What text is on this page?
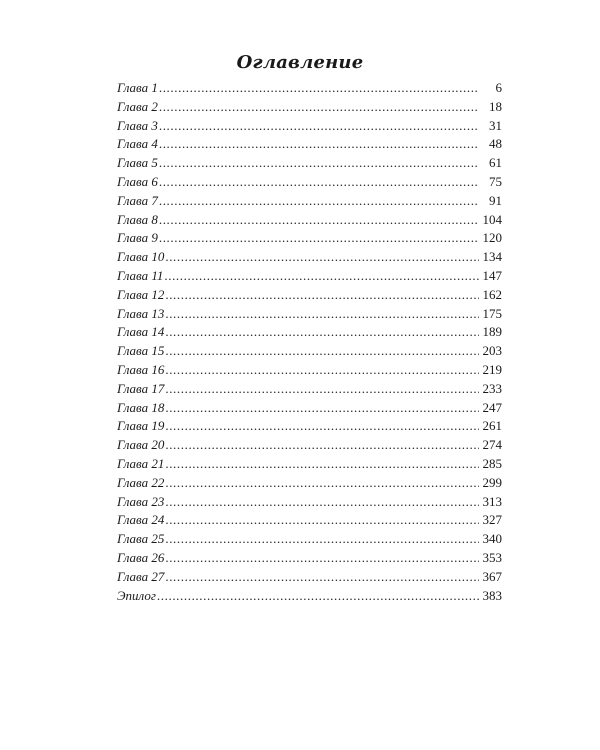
Оглавление
Глава 1 .....	6
Глава 2 .....	18
Глава 3 .....	31
Глава 4 .....	48
Глава 5 .....	61
Глава 6 .....	75
Глава 7 .....	91
Глава 8 .....	104
Глава 9 .....	120
Глава 10 .....	134
Глава 11 .....	147
Глава 12 .....	162
Глава 13 .....	175
Глава 14 .....	189
Глава 15 .....	203
Глава 16 .....	219
Глава 17 .....	233
Глава 18 .....	247
Глава 19 .....	261
Глава 20 .....	274
Глава 21 .....	285
Глава 22 .....	299
Глава 23 .....	313
Глава 24 .....	327
Глава 25 .....	340
Глава 26 .....	353
Глава 27 .....	367
Эпилог .....	383
